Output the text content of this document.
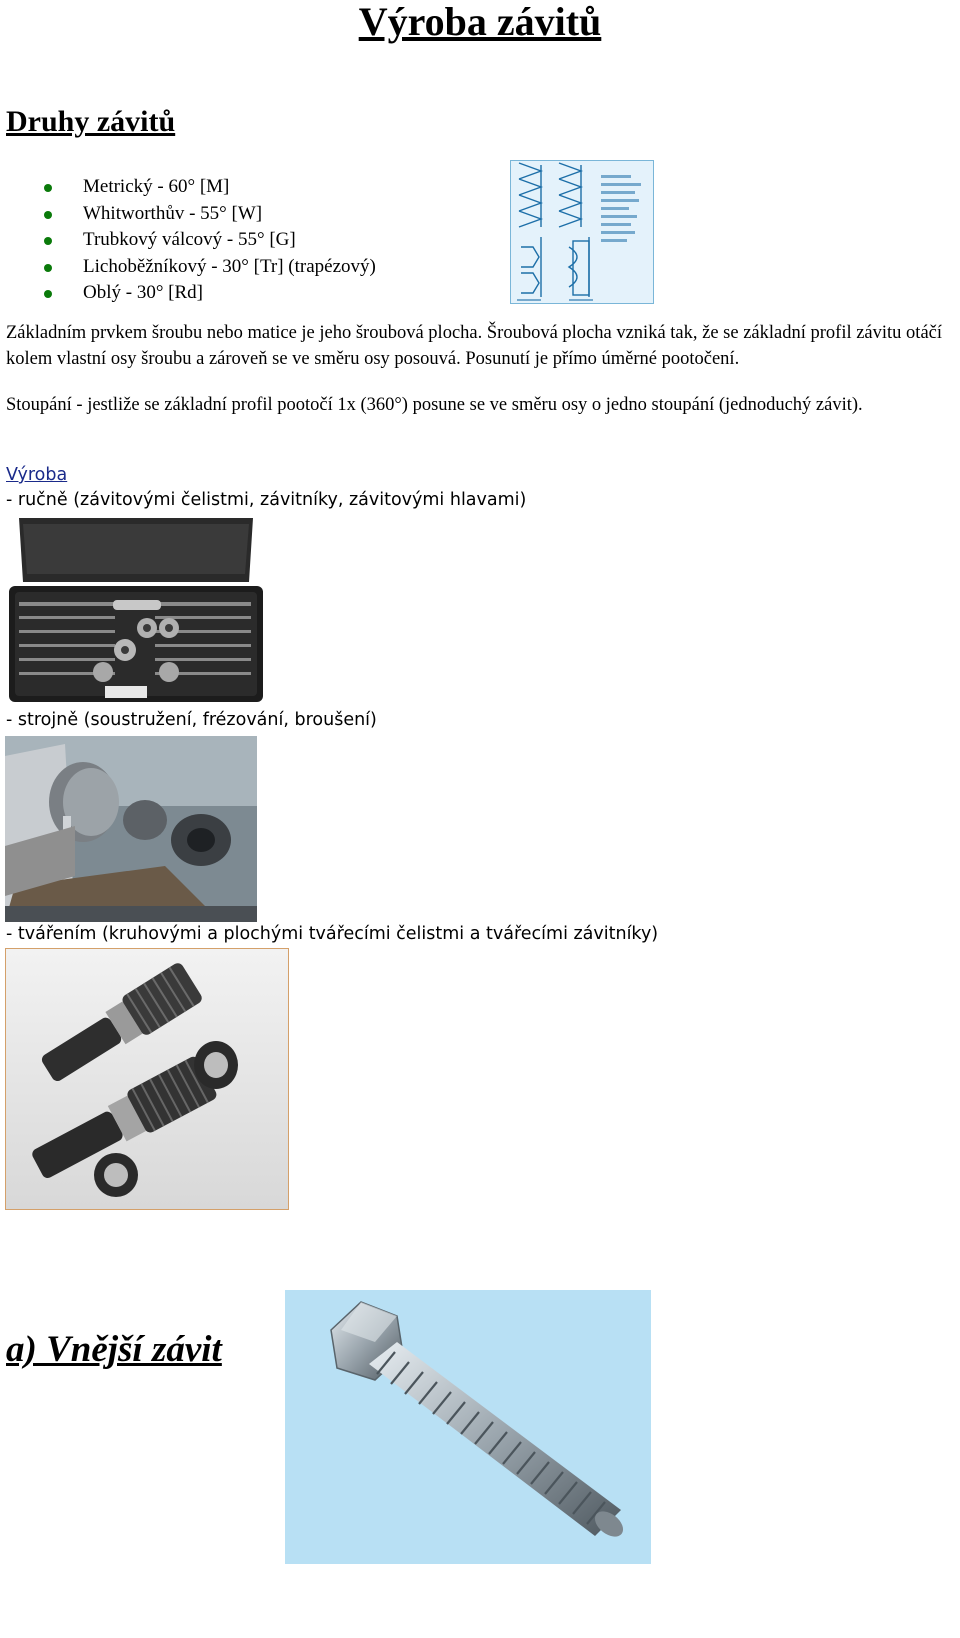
Výroba závitů
Druhy závitů
Metrický - 60° [M]
Whitworthův - 55° [W]
Trubkový válcový - 55° [G]
Lichoběžníkový - 30° [Tr] (trapézový)
Oblý - 30° [Rd]
Základním prvkem šroubu nebo matice je jeho šroubová plocha. Šroubová plocha vzniká tak, že se základní profil závitu otáčí kolem vlastní osy šroubu a zároveň se ve směru osy posouvá. Posunutí je přímo úměrné pootočení.
Stoupání - jestliže se základní profil pootočí 1x (360°) posune se ve směru osy o jedno stoupání (jednoduchý závit).
Výroba
- ručně (závitovými čelistmi, závitníky, závitovými hlavami)
- strojně (soustružení, frézování, broušení)
- tvářením (kruhovými a plochými tvářecími čelistmi a tvářecími závitníky)
a) Vnější závit
